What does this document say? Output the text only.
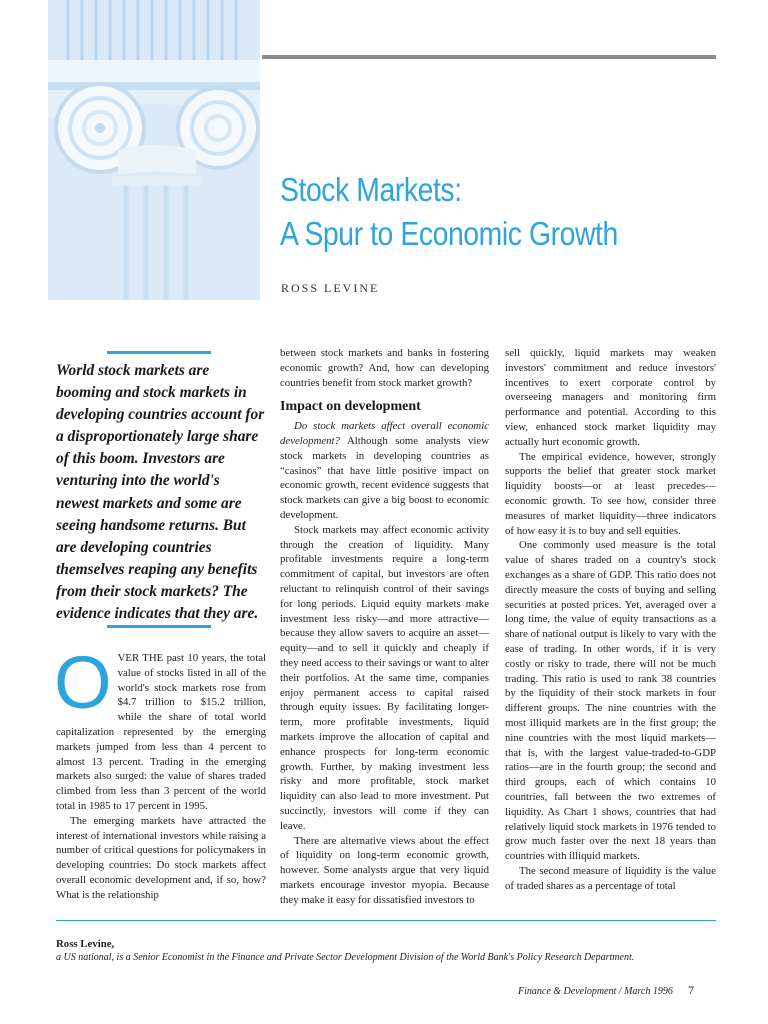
Stock Markets:
A Spur to Economic Growth
ROSS LEVINE
World stock markets are booming and stock markets in developing countries account for a disproportionately large share of this boom. Investors are venturing into the world's newest markets and some are seeing handsome returns. But are developing countries themselves reaping any benefits from their stock markets? The evidence indicates that they are.

OVER THE past 10 years, the total value of stocks listed in all of the world's stock markets rose from $4.7 trillion to $15.2 trillion, while the share of total world capitalization represented by the emerging markets jumped from less than 4 percent to almost 13 percent. Trading in the emerging markets also surged: the value of shares traded climbed from less than 3 percent of the world total in 1985 to 17 percent in 1995.

The emerging markets have attracted the interest of international investors while raising a number of critical questions for policymakers in developing countries: Do stock markets affect overall economic development and, if so, how? What is the relationship

between stock markets and banks in fostering economic growth? And, how can developing countries benefit from stock market growth?

Impact on development

Do stock markets affect overall economic development? Although some analysts view stock markets in developing countries as “casinos” that have little positive impact on economic growth, recent evidence suggests that stock markets can give a big boost to economic development.

Stock markets may affect economic activity through the creation of liquidity. Many profitable investments require a long-term commitment of capital, but investors are often reluctant to relinquish control of their savings for long periods. Liquid equity markets make investment less risky—and more attractive—because they allow savers to acquire an asset—equity—and to sell it quickly and cheaply if they need access to their savings or want to alter their portfolios. At the same time, companies enjoy permanent access to capital raised through equity issues. By facilitating longer-term, more profitable investments, liquid markets improve the allocation of capital and enhance prospects for long-term economic growth. Further, by making investment less risky and more profitable, stock market liquidity can also lead to more investment. Put succinctly, investors will come if they can leave.

There are alternative views about the effect of liquidity on long-term economic growth, however. Some analysts argue that very liquid markets encourage investor myopia. Because they make it easy for dissatisfied investors to

sell quickly, liquid markets may weaken investors' commitment and reduce investors' incentives to exert corporate control by overseeing managers and monitoring firm performance and potential. According to this view, enhanced stock market liquidity may actually hurt economic growth.

The empirical evidence, however, strongly supports the belief that greater stock market liquidity boosts—or at least precedes—economic growth. To see how, consider three measures of market liquidity—three indicators of how easy it is to buy and sell equities.

One commonly used measure is the total value of shares traded on a country's stock exchanges as a share of GDP. This ratio does not directly measure the costs of buying and selling securities at posted prices. Yet, averaged over a long time, the value of equity transactions as a share of national output is likely to vary with the ease of trading. In other words, if it is very costly or risky to trade, there will not be much trading. This ratio is used to rank 38 countries by the liquidity of their stock markets in four different groups. The nine countries with the most illiquid markets are in the first group; the nine countries with the most liquid markets—that is, with the largest value-traded-to-GDP ratios—are in the fourth group; the second and third groups, each of which contains 10 countries, fall between the two extremes of liquidity. As Chart 1 shows, countries that had relatively liquid stock markets in 1976 tended to grow much faster over the next 18 years than countries with illiquid markets.

The second measure of liquidity is the value of traded shares as a percentage of total

Ross Levine,
a US national, is a Senior Economist in the Finance and Private Sector Development Division of the World Bank's Policy Research Department.
Finance & Development / March 1996 7
